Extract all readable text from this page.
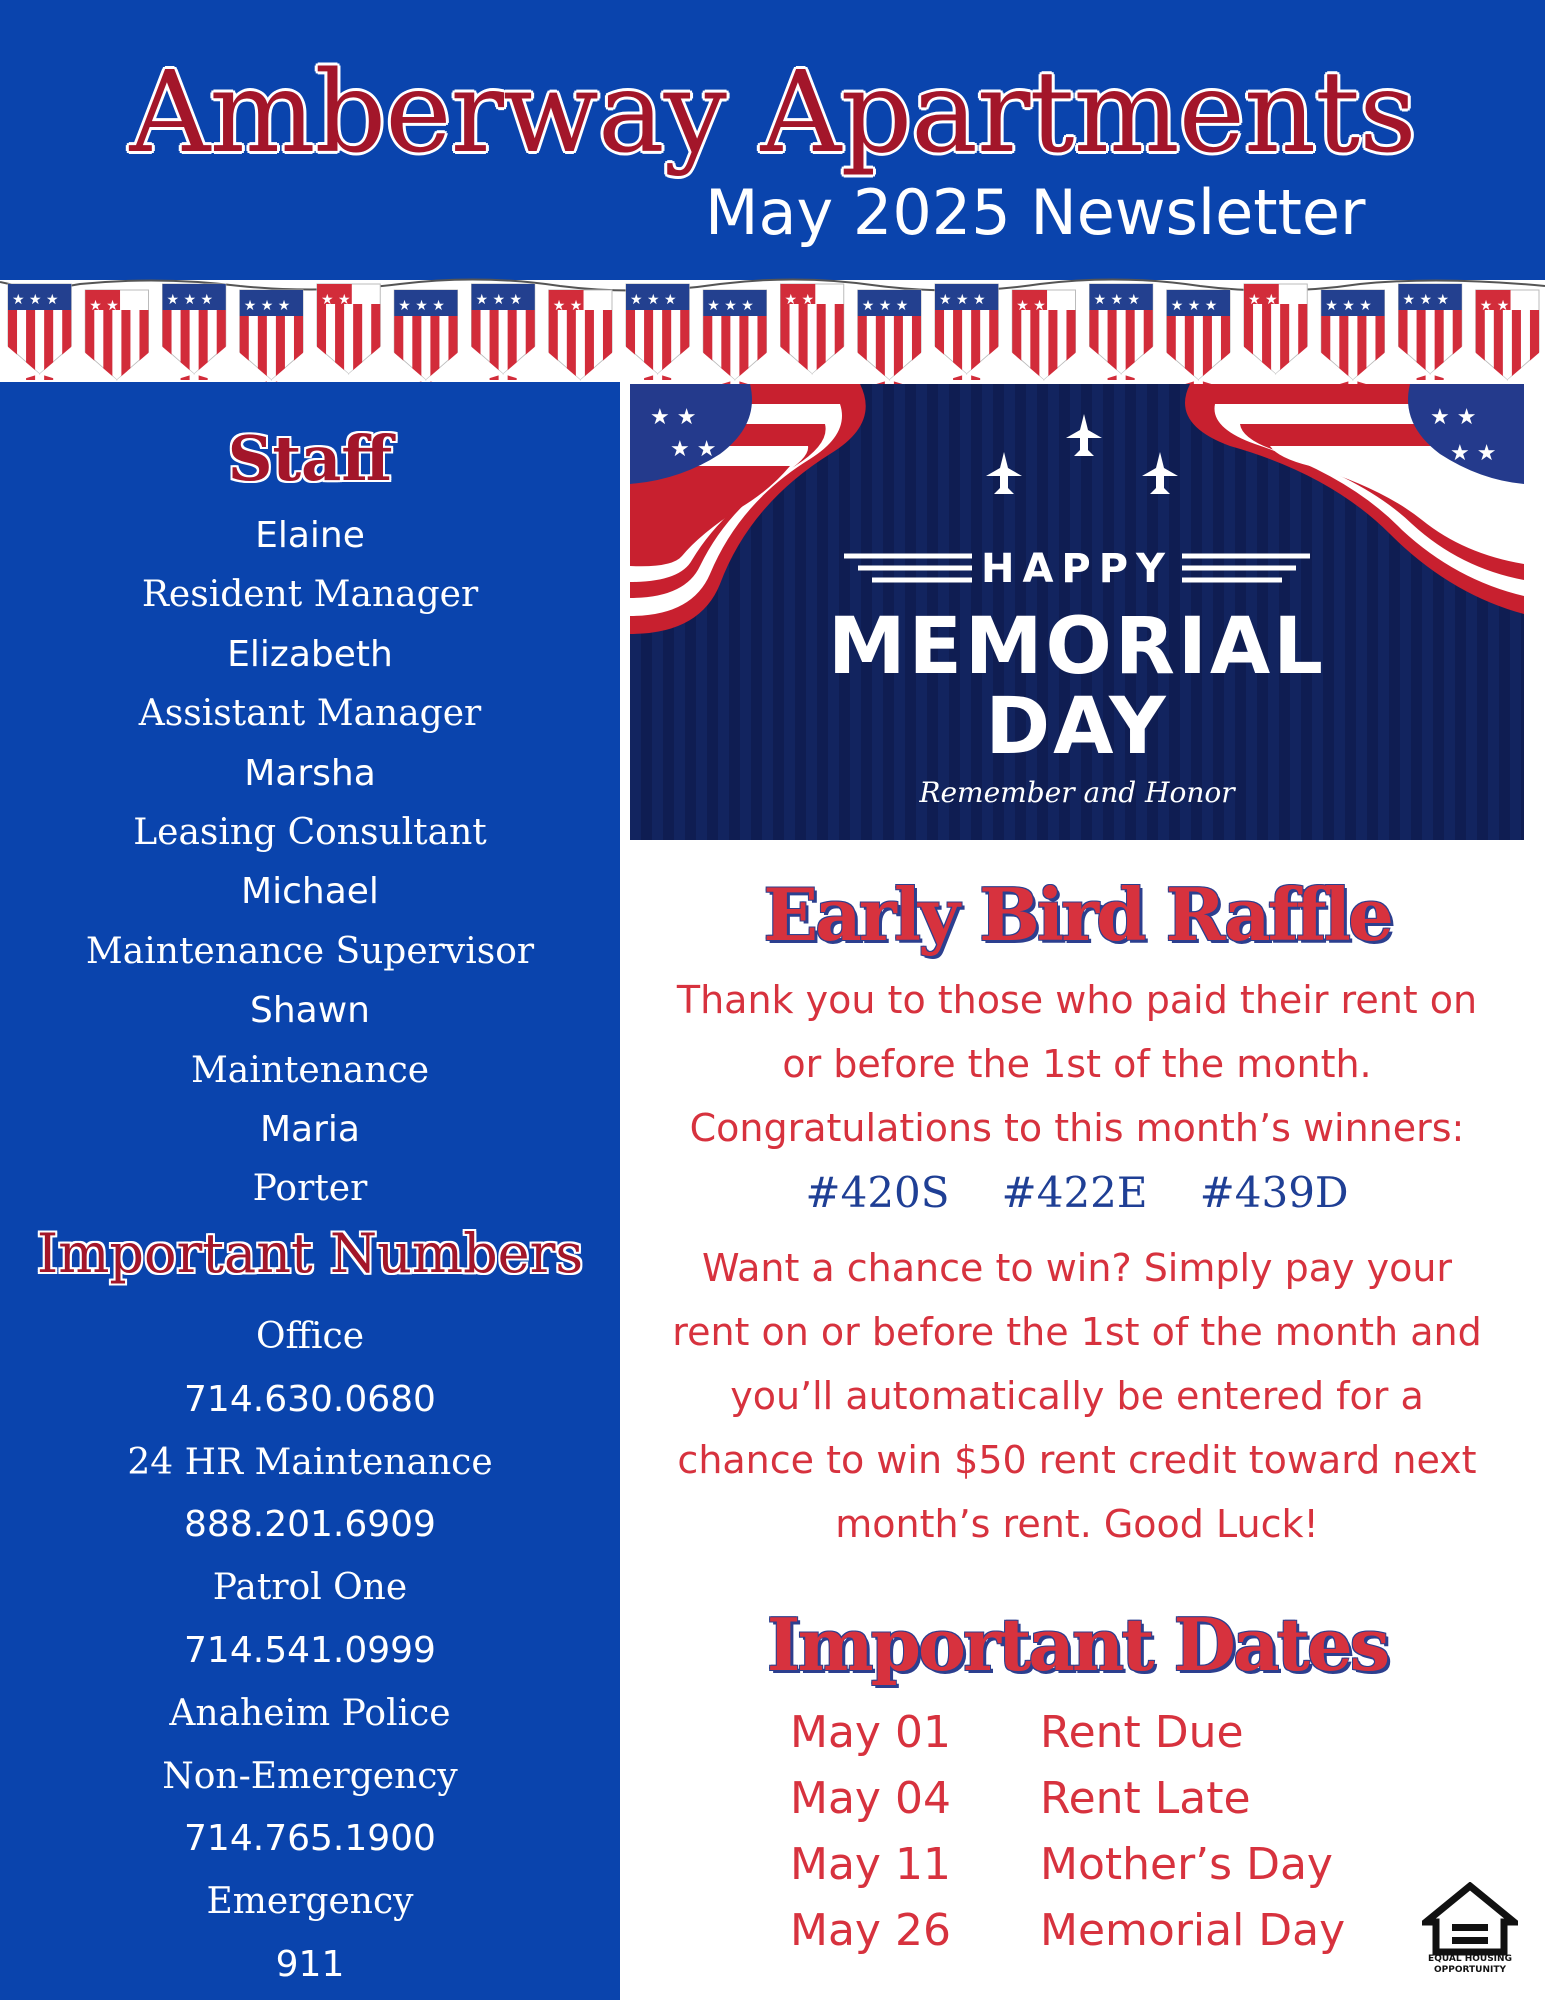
Amberway Apartments
May 2025 Newsletter
★ ★ ★ ★ ★ ★ ★ ★ ★ ★ ★ ★ ★ ★ ★ ★ ★ ★ ★ ★ ★ ★ ★ ★ ★ ★ ★ ★ ★ ★ ★ ★ ★ ★ ★ ★ ★ ★ ★ ★ ★ ★ ★ ★ ★ ★ ★ ★ ★ ★ ★ ★ ★ ★ ★ ★ ★ ★ ★ ★
Staff
Elaine
Resident Manager
Elizabeth
Assistant Manager
Marsha
Leasing Consultant
Michael
Maintenance Supervisor
Shawn
Maintenance
Maria
Porter
Important Numbers
Office
714.630.0680
24 HR Maintenance
888.201.6909
Patrol One
714.541.0999
Anaheim Police
Non-Emergency
714.765.1900
Emergency
911
★ ★
★ ★
★ ★
★ ★
HAPPY
MEMORIAL
DAY
Remember and Honor
Early Bird Raffle
Thank you to those who paid their rent on
or before the 1st of the month.
Congratulations to this month’s winners:
#420S #422E #439D
Want a chance to win? Simply pay your
rent on or before the 1st of the month and
you’ll automatically be entered for a
chance to win $50 rent credit toward next
month’s rent. Good Luck!
Important Dates
May 01	Rent Due
May 04	Rent Late
May 11	Mother’s Day
May 26	Memorial Day
EQUAL HOUSING OPPORTUNITY
